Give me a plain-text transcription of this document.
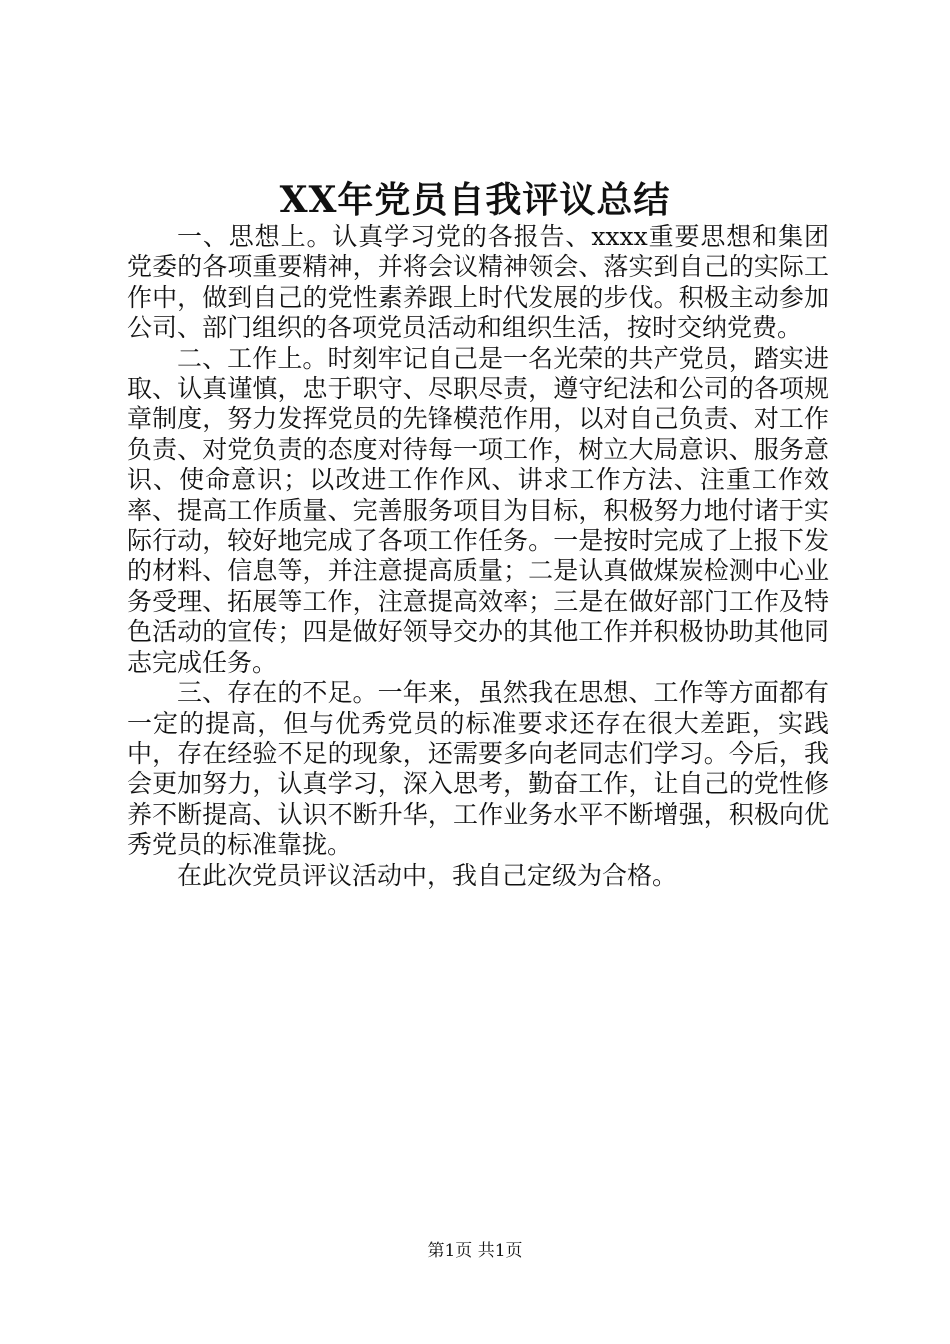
XX年党员自我评议总结

一、思想上。认真学习党的各报告、xxxx重要思想和集团党委的各项重要精神，并将会议精神领会、落实到自己的实际工作中，做到自己的党性素养跟上时代发展的步伐。积极主动参加公司、部门组织的各项党员活动和组织生活，按时交纳党费。

二、工作上。时刻牢记自己是一名光荣的共产党员，踏实进取、认真谨慎，忠于职守、尽职尽责，遵守纪法和公司的各项规章制度，努力发挥党员的先锋模范作用，以对自己负责、对工作负责、对党负责的态度对待每一项工作，树立大局意识、服务意识、使命意识；以改进工作作风、讲求工作方法、注重工作效率、提高工作质量、完善服务项目为目标，积极努力地付诸于实际行动，较好地完成了各项工作任务。一是按时完成了上报下发的材料、信息等，并注意提高质量；二是认真做煤炭检测中心业务受理、拓展等工作，注意提高效率；三是在做好部门工作及特色活动的宣传；四是做好领导交办的其他工作并积极协助其他同志完成任务。

三、存在的不足。一年来，虽然我在思想、工作等方面都有一定的提高，但与优秀党员的标准要求还存在很大差距，实践中，存在经验不足的现象，还需要多向老同志们学习。今后，我会更加努力，认真学习，深入思考，勤奋工作，让自己的党性修养不断提高、认识不断升华，工作业务水平不断增强，积极向优秀党员的标准靠拢。

在此次党员评议活动中，我自己定级为合格。

第1页 共1页
